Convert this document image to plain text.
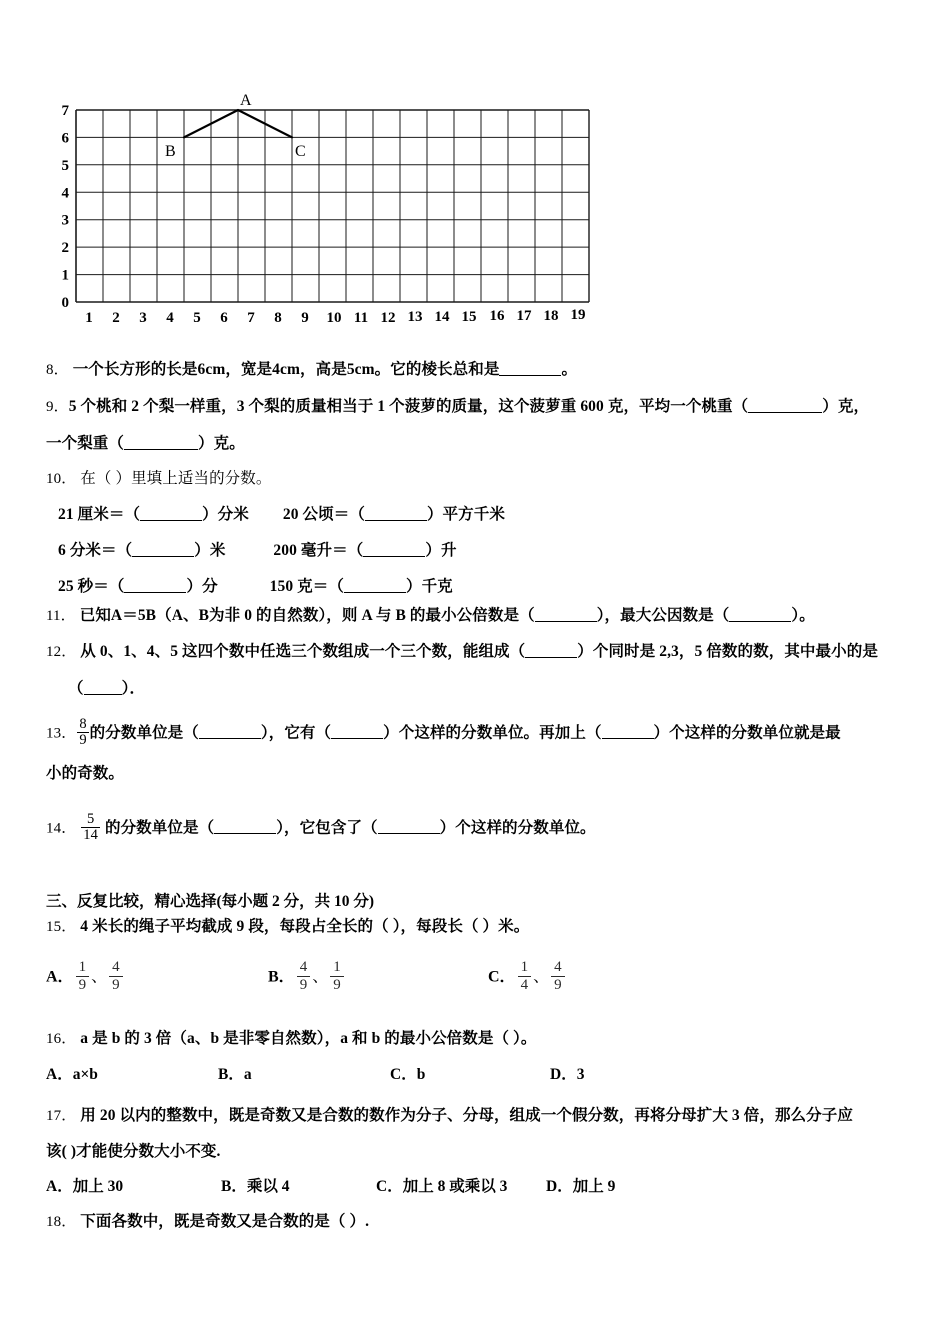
7
6
5
4
3
2
1
0
1 2 3 4 5 6 7 8 9 10 11 12 13 14 15 16 17 18 19
A
B	C
8． 一个长方形的长是6cm，宽是4cm，高是5cm。它的棱长总和是	。
9．5 个桃和 2 个梨一样重，3 个梨的质量相当于 1 个菠萝的质量，这个菠萝重 600 克，平均一个桃重（	）克，
一个梨重（	）克。
10． 在（ ）里填上适当的分数。
21 厘米＝（	）分米 20 公顷＝（	）平方千米
6 分米＝（	）米	200 毫升＝（	）升
25 秒＝（	）分	150 克＝（	）千克
11． 已知A＝5B（A、B为非 0 的自然数），则 A 与 B 的最小公倍数是（	），最大公因数是（	）。
12． 从 0、1、4、5 这四个数中任选三个数组成一个三个数，能组成（	）个同时是 2,3，5 倍数的数，其中最小的是
（ ）．
13． $\frac{8}{9}$ 的分数单位是（	），它有（	）个这样的分数单位。再加上（	）个这样的分数单位就是最
小的奇数。
14． $\frac{5}{14}$ 的分数单位是（	），它包含了（	）个这样的分数单位。
三、反复比较，精心选择(每小题 2 分，共 10 分)
15． 4 米长的绳子平均截成 9 段，每段占全长的（ ），每段长（ ）米。
A． $\frac{1}{9}$ 、 $\frac{4}{9}$	B． $\frac{4}{9}$ 、 $\frac{1}{9}$	C． $\frac{1}{4}$ 、 $\frac{4}{9}$
16． a 是 b 的 3 倍（a、b 是非零自然数），a 和 b 的最小公倍数是（ ）。
A．a×b	B．a	C．b	D．3
17． 用 20 以内的整数中，既是奇数又是合数的数作为分子、分母，组成一个假分数，再将分母扩大 3 倍，那么分子应
该( )才能使分数大小不变.
A．加上 30	B．乘以 4	C．加上 8 或乘以 3 D．加上 9
18． 下面各数中，既是奇数又是合数的是（ ）.
